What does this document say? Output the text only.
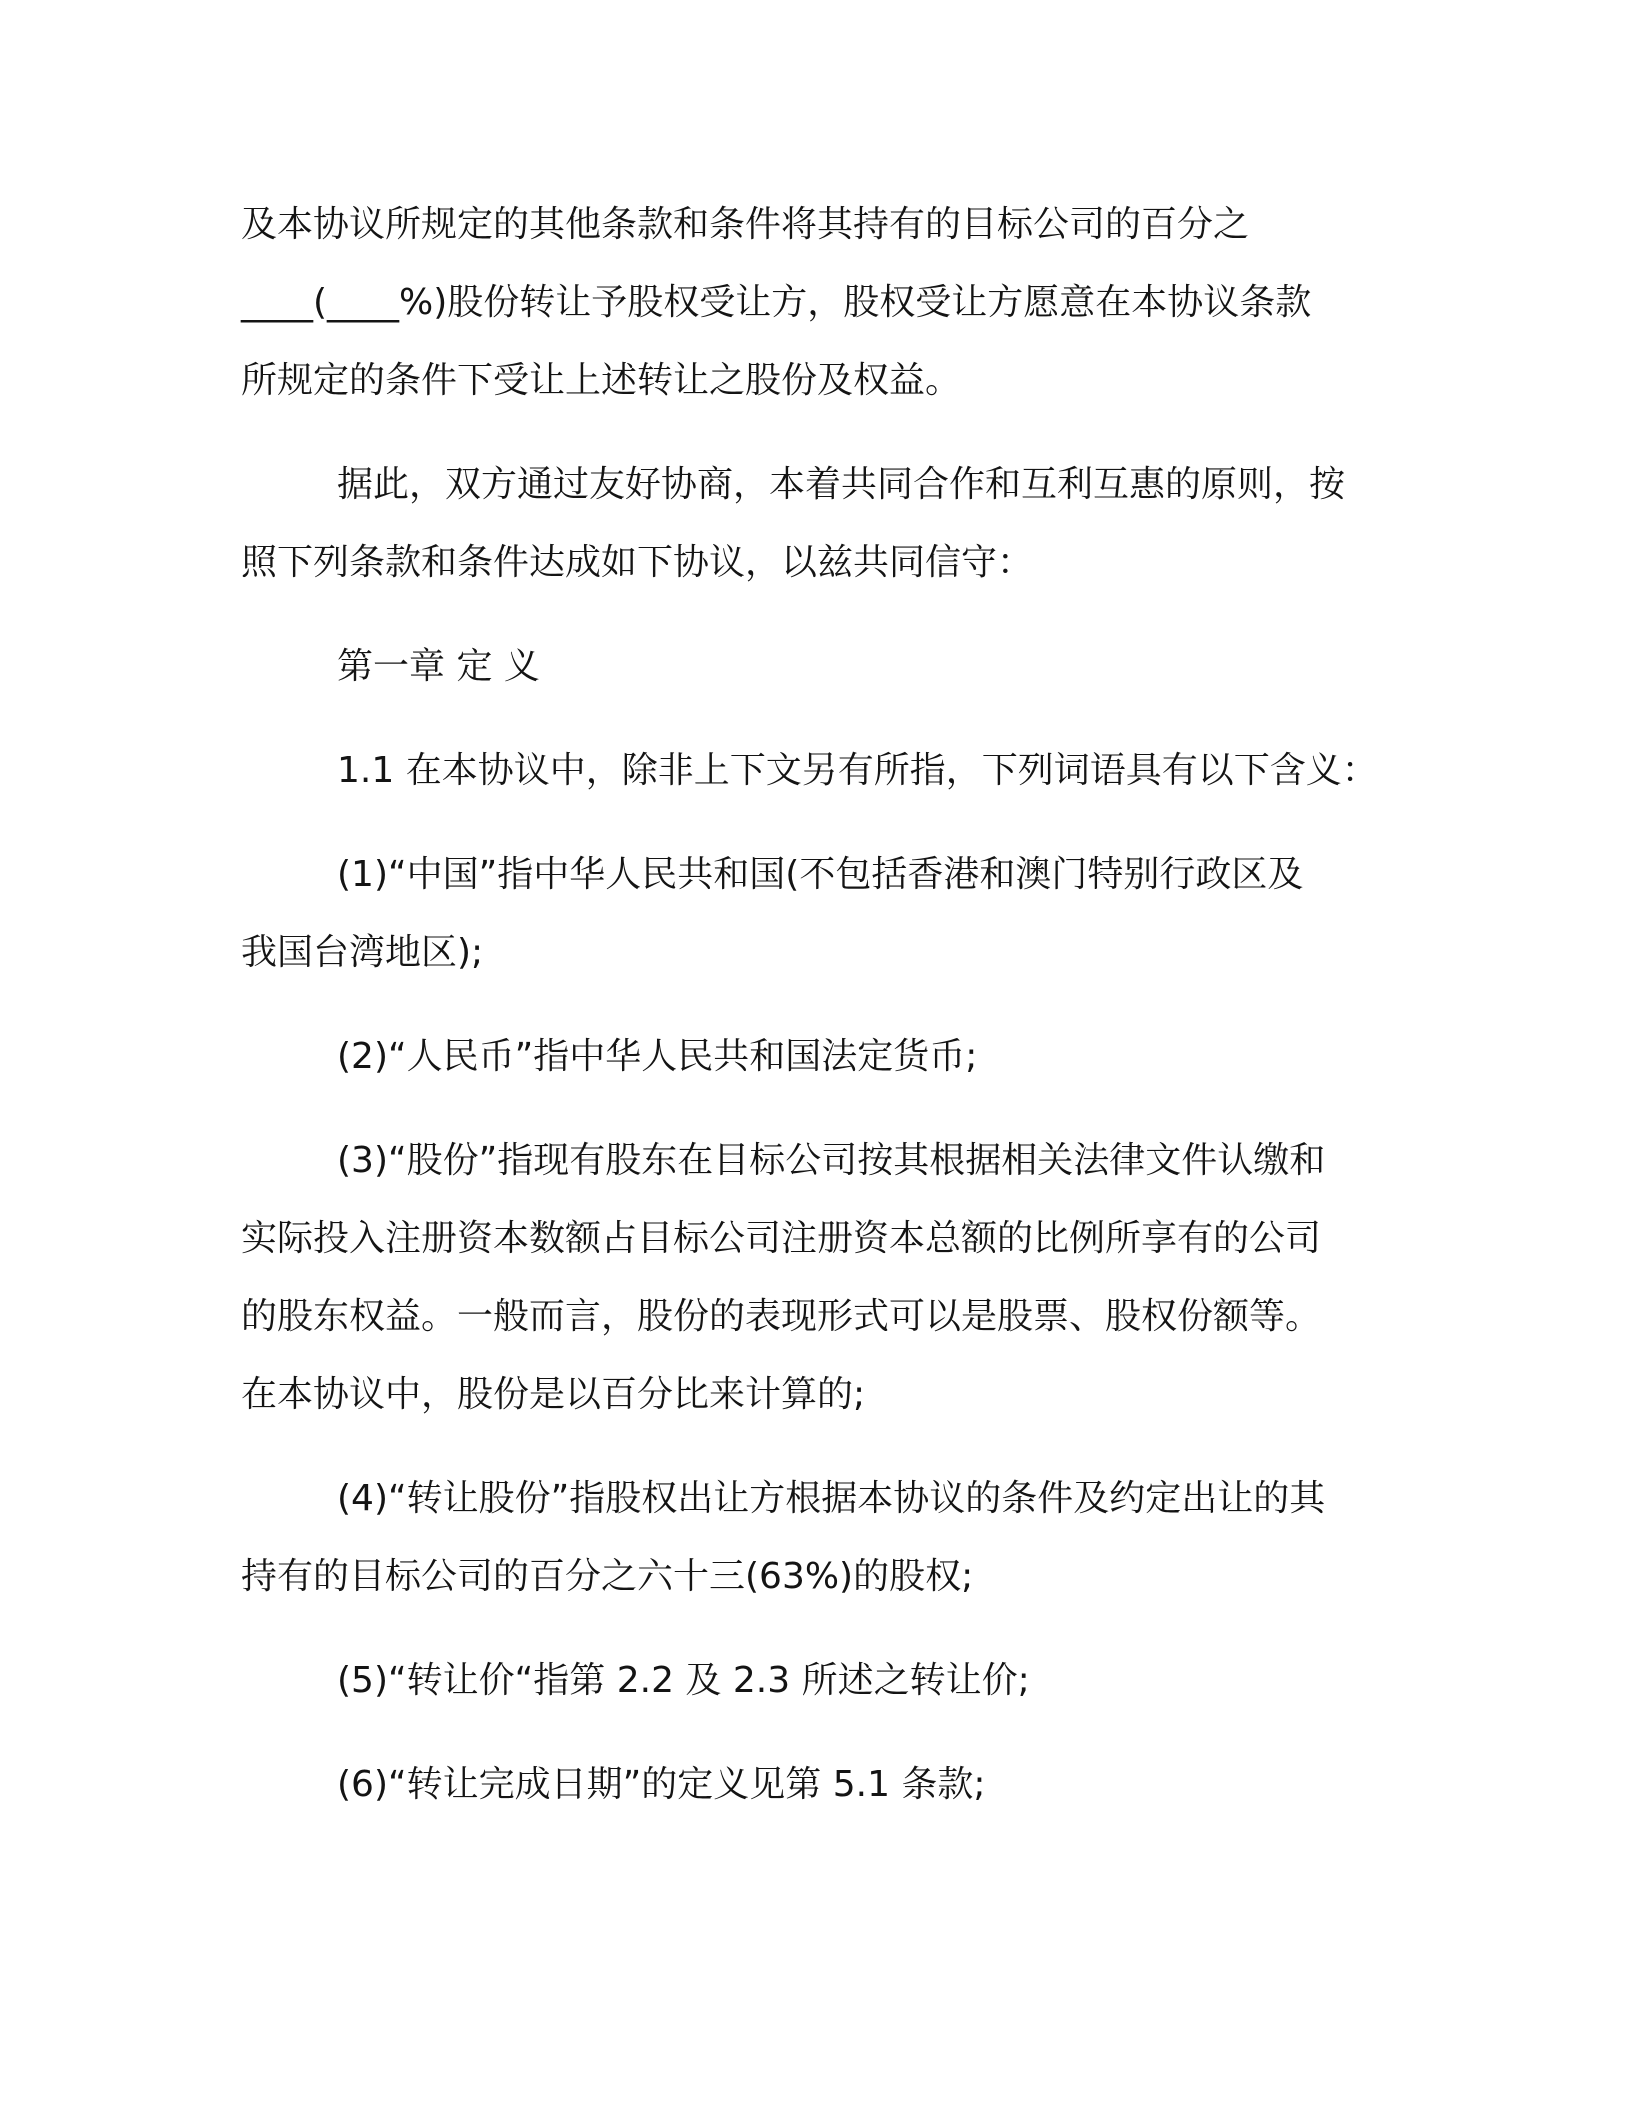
及本协议所规定的其他条款和条件将其持有的目标公司的百分之
____(____%)股份转让予股权受让方，股权受让方愿意在本协议条款
所规定的条件下受让上述转让之股份及权益。
据此，双方通过友好协商，本着共同合作和互利互惠的原则，按
照下列条款和条件达成如下协议，以兹共同信守：
第一章 定 义
1.1 在本协议中，除非上下文另有所指，下列词语具有以下含义：
(1)“中国”指中华人民共和国(不包括香港和澳门特别行政区及
我国台湾地区);
(2)“人民币”指中华人民共和国法定货币;
(3)“股份”指现有股东在目标公司按其根据相关法律文件认缴和
实际投入注册资本数额占目标公司注册资本总额的比例所享有的公司
的股东权益。一般而言，股份的表现形式可以是股票、股权份额等。
在本协议中，股份是以百分比来计算的;
(4)“转让股份”指股权出让方根据本协议的条件及约定出让的其
持有的目标公司的百分之六十三(63%)的股权;
(5)“转让价“指第 2.2 及 2.3 所述之转让价;
(6)“转让完成日期”的定义见第 5.1 条款;
